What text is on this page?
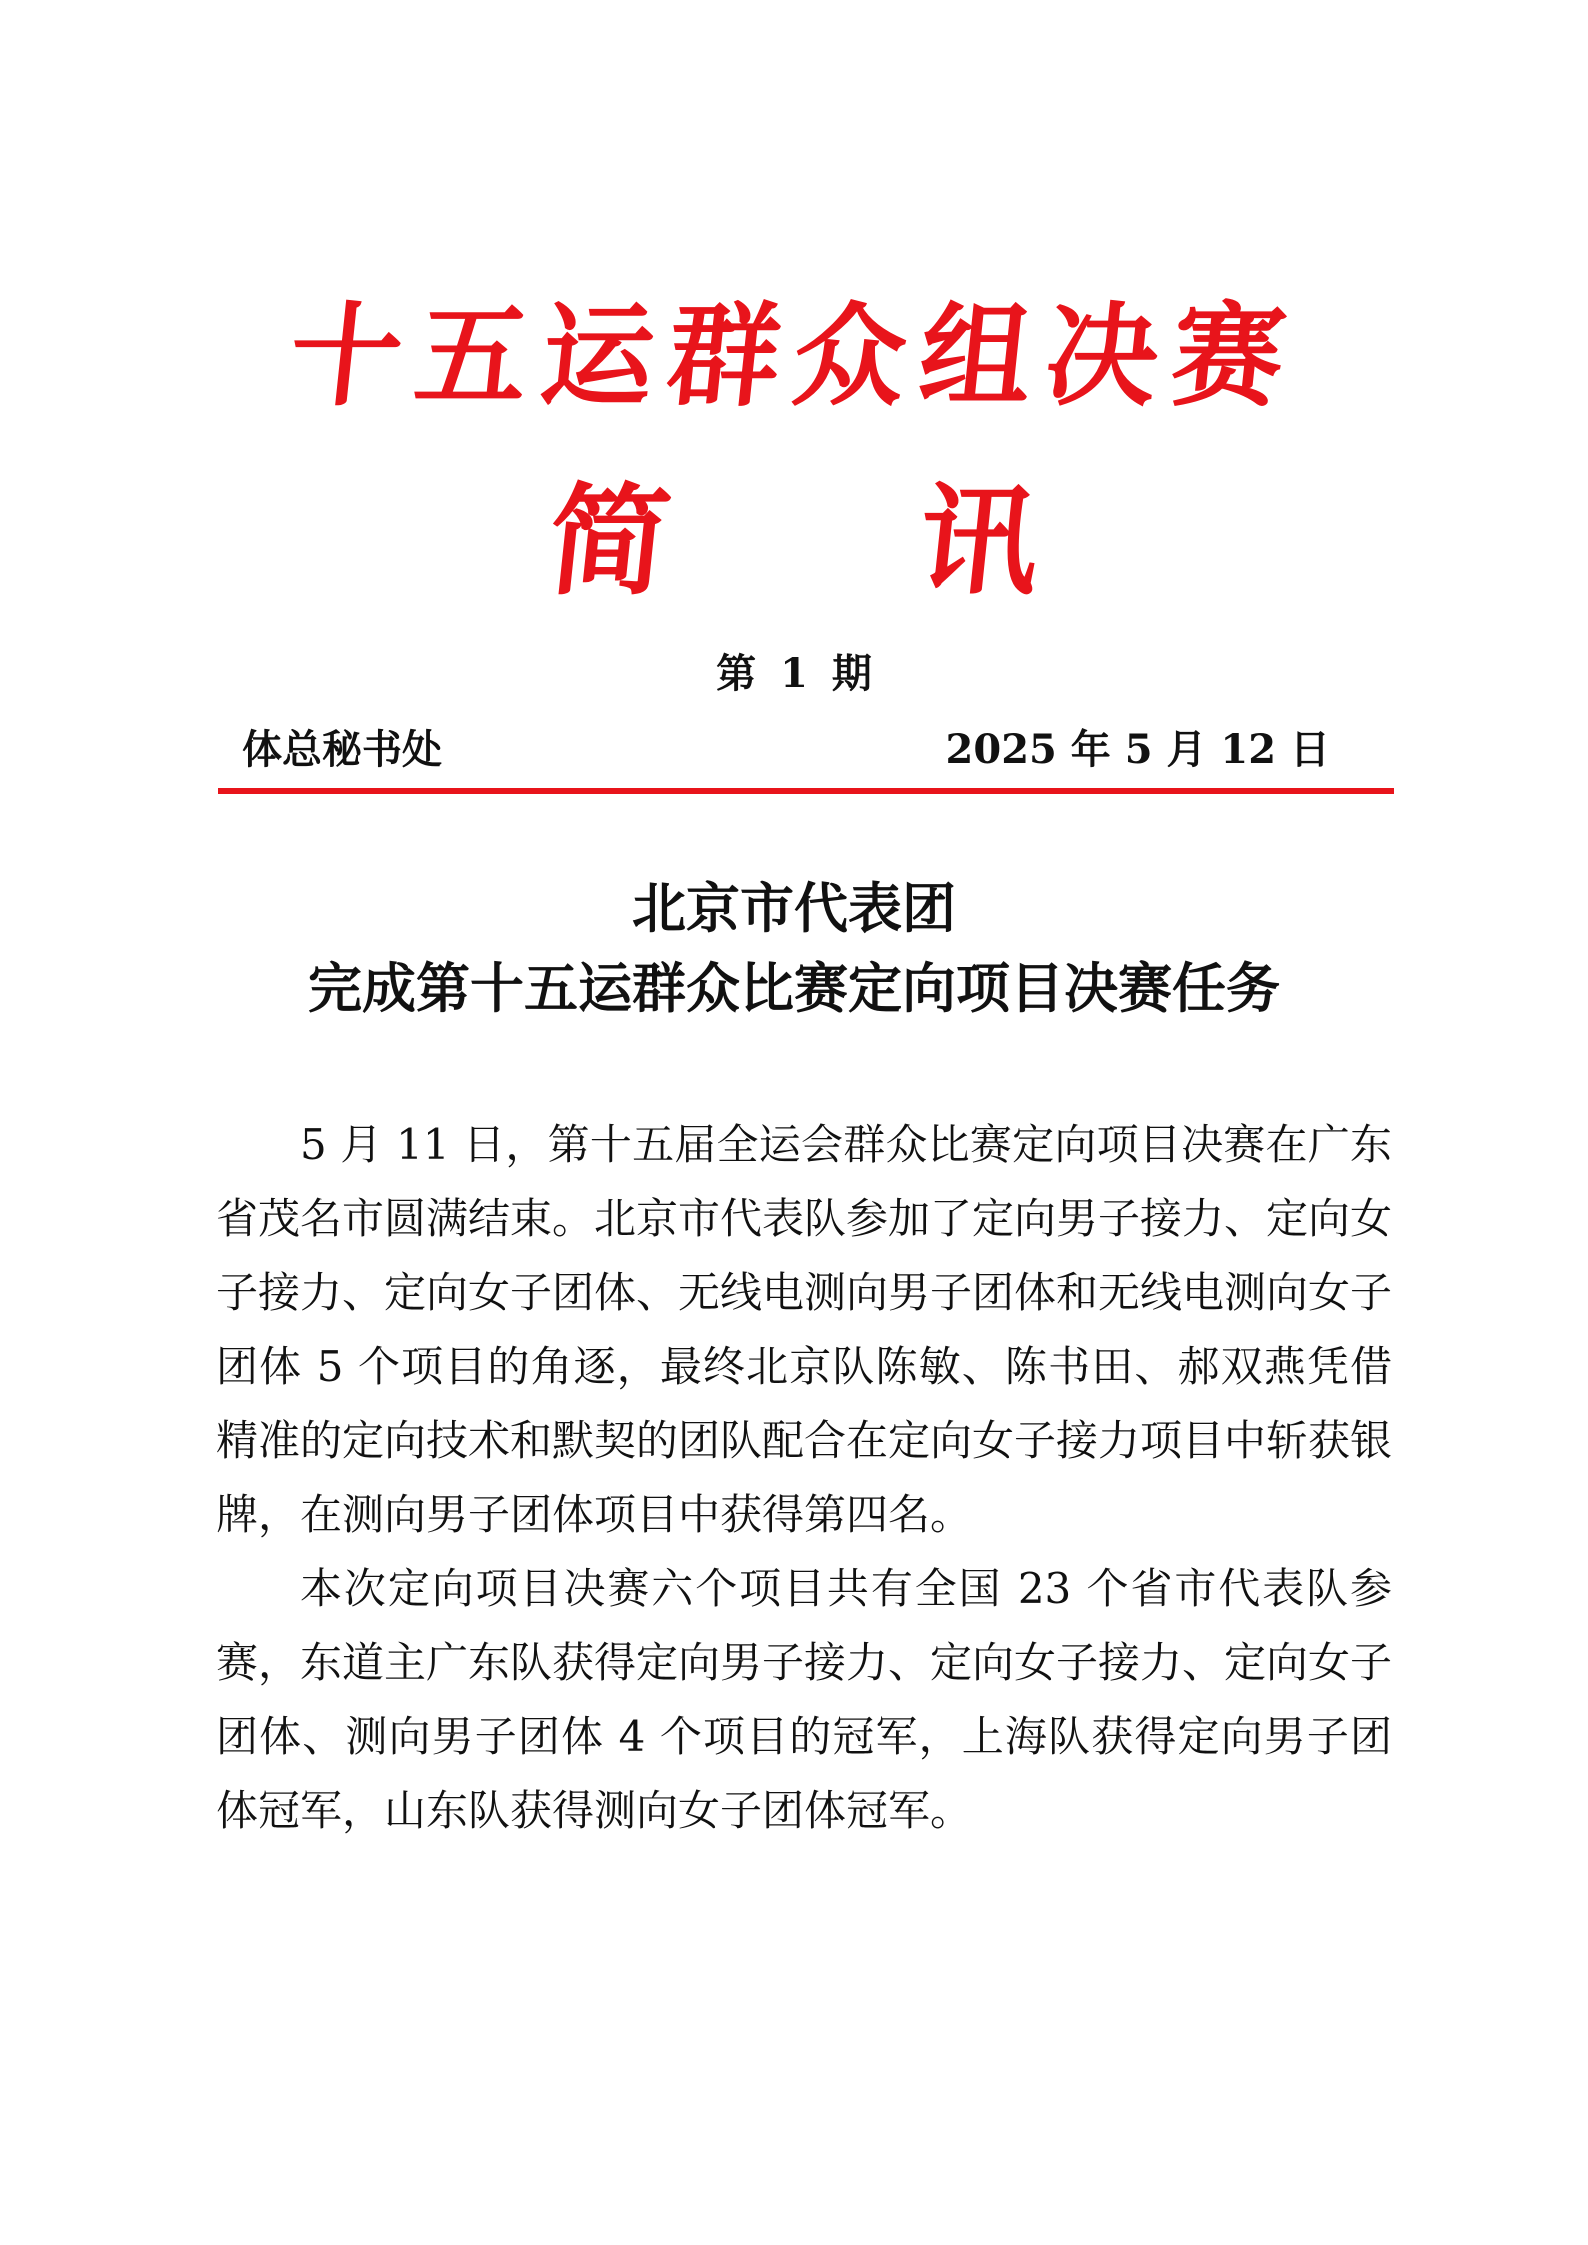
十五运群众组决赛
简 讯
第 1 期
体总秘书处	2025 年 5 月 12 日
北京市代表团
完成第十五运群众比赛定向项目决赛任务

5 月 11 日，第十五届全运会群众比赛定向项目决赛在广东省茂名市圆满结束。北京市代表队参加了定向男子接力、定向女子接力、定向女子团体、无线电测向男子团体和无线电测向女子团体 5 个项目的角逐，最终北京队陈敏、陈书田、郝双燕凭借精准的定向技术和默契的团队配合在定向女子接力项目中斩获银牌，在测向男子团体项目中获得第四名。

本次定向项目决赛六个项目共有全国 23 个省市代表队参赛，东道主广东队获得定向男子接力、定向女子接力、定向女子团体、测向男子团体 4 个项目的冠军，上海队获得定向男子团体冠军，山东队获得测向女子团体冠军。
